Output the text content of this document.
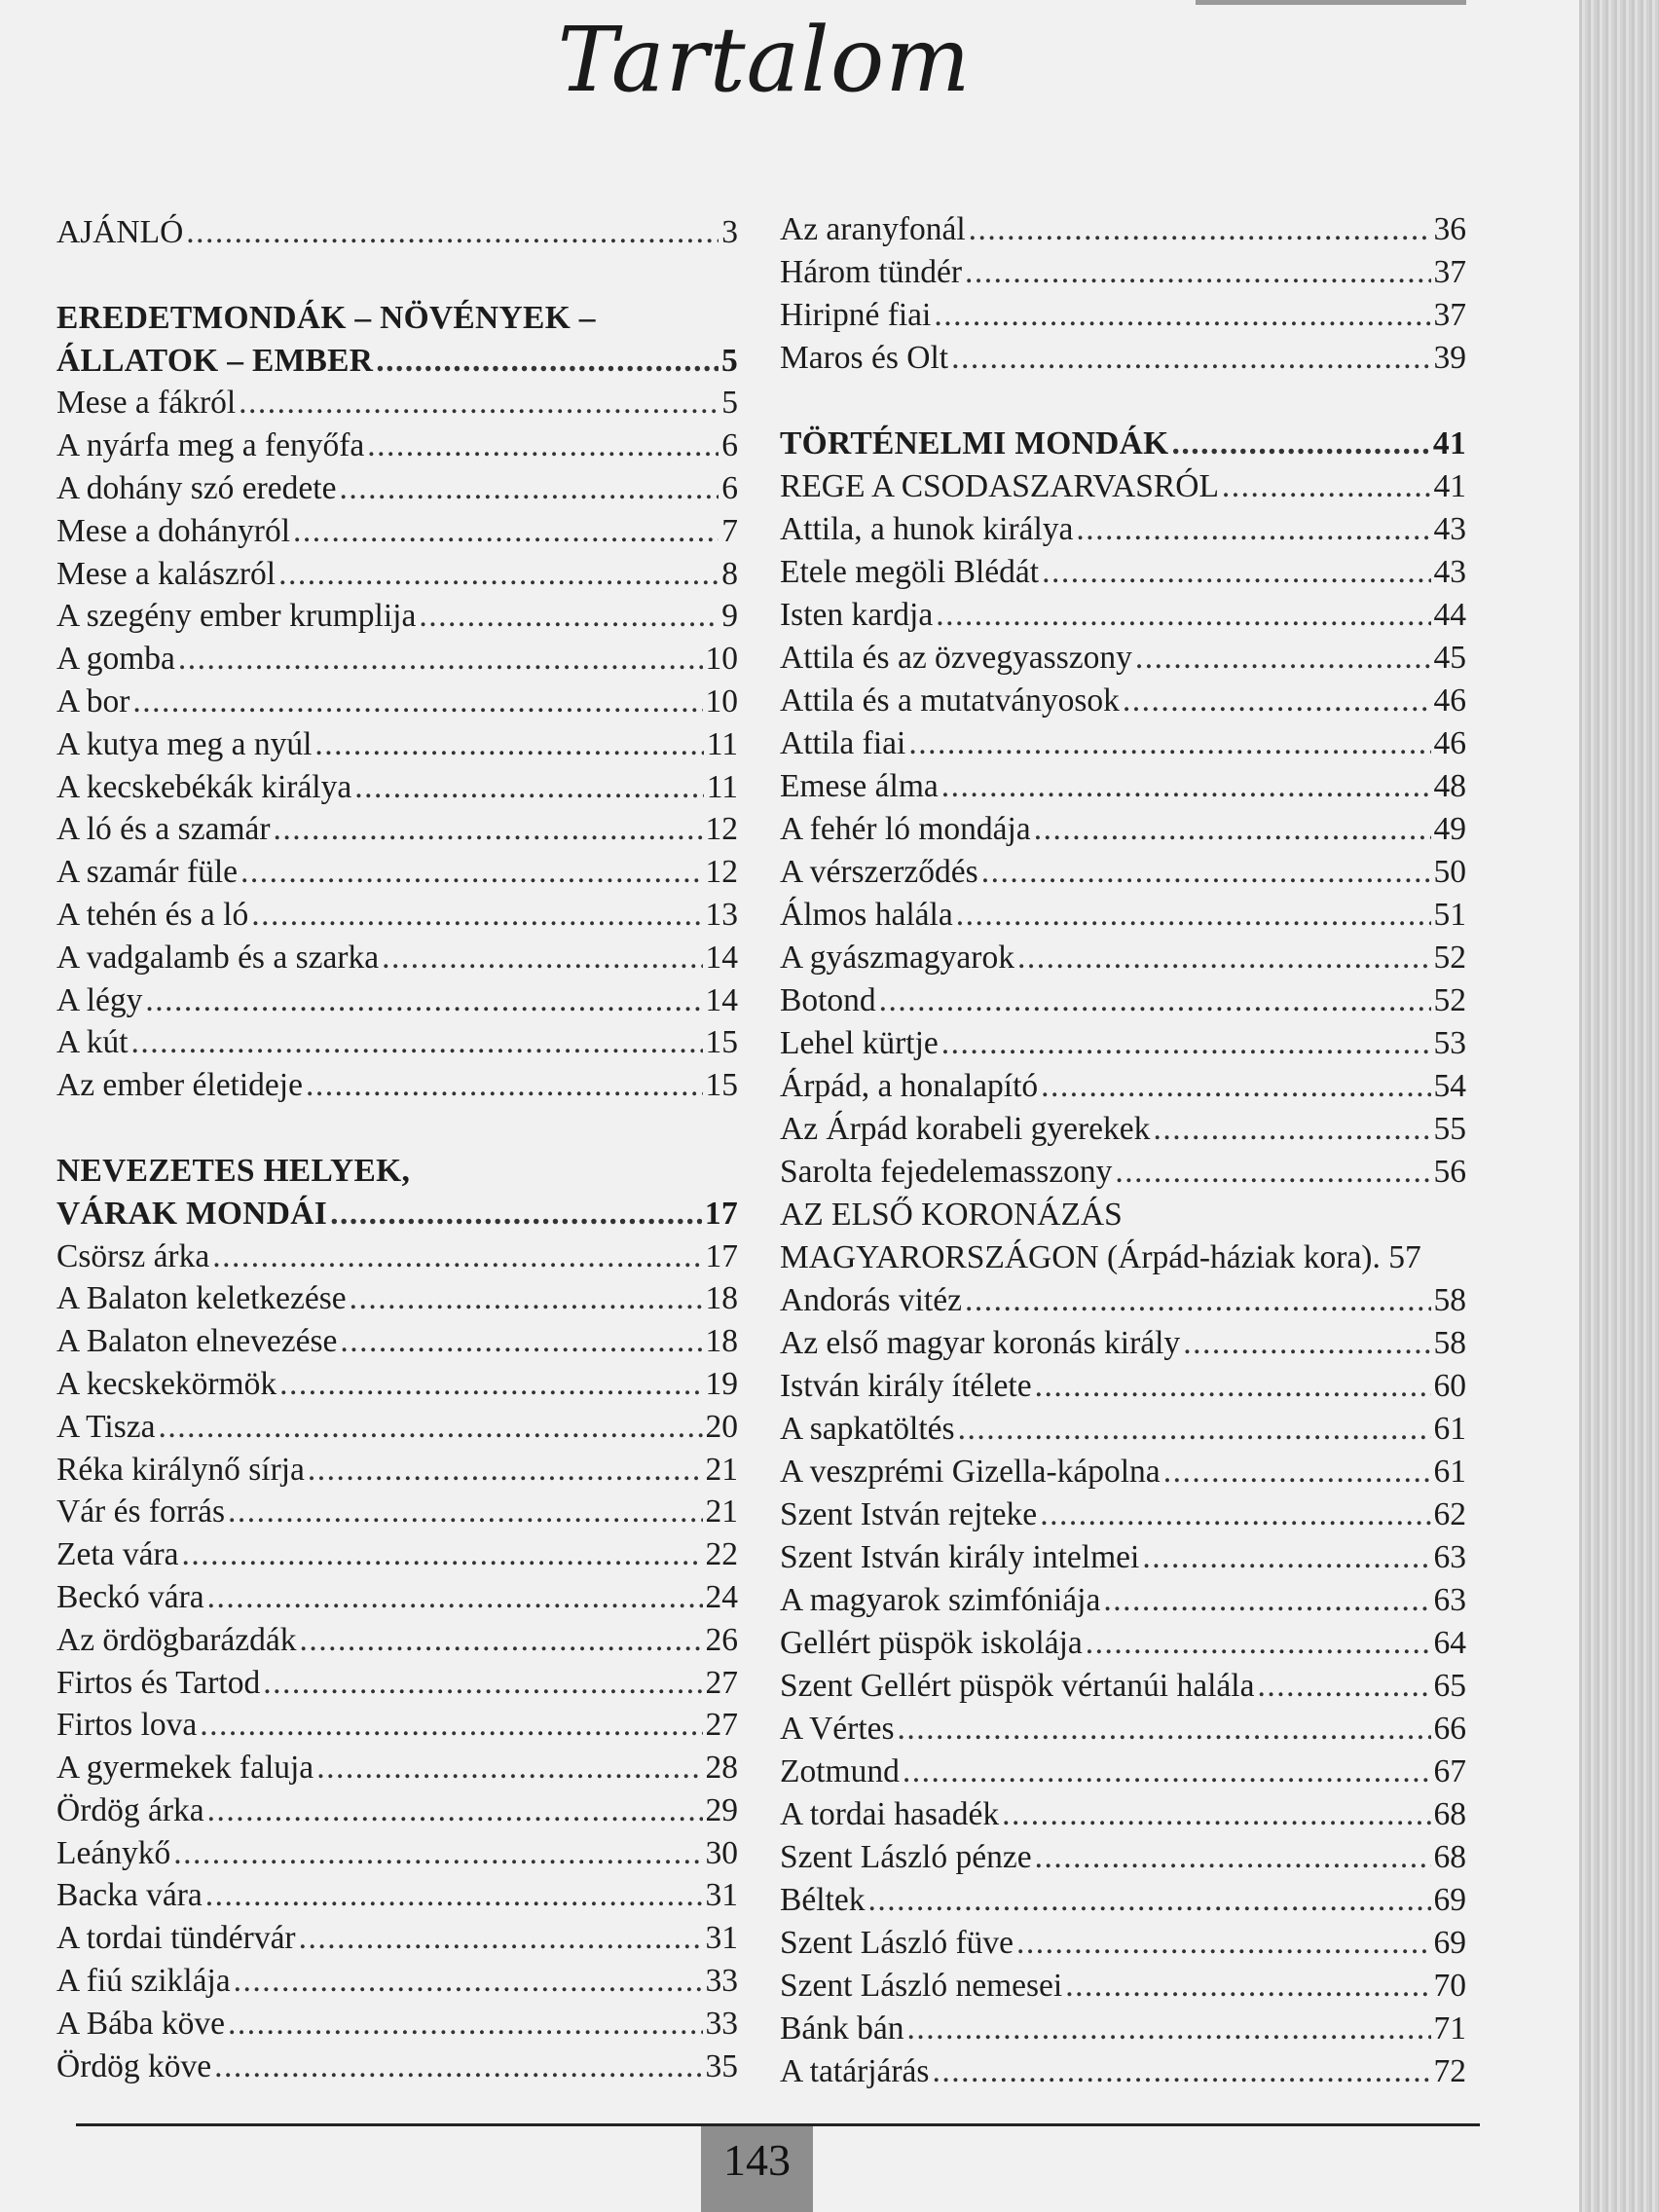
Tartalom
AJÁNLÓ .....	3
EREDETMONDÁK – NÖVÉNYEK –
ÁLLATOK – EMBER .....	5
Mese a fákról .....	5
A nyárfa meg a fenyőfa .....	6
A dohány szó eredete .....	6
Mese a dohányról .....	7
Mese a kalászról .....	8
A szegény ember krumplija .....	9
A gomba .....	10
A bor .....	10
A kutya meg a nyúl .....	11
A kecskebékák királya .....	11
A ló és a szamár .....	12
A szamár füle .....	12
A tehén és a ló .....	13
A vadgalamb és a szarka .....	14
A légy .....	14
A kút .....	15
Az ember életideje .....	15
NEVEZETES HELYEK,
VÁRAK MONDÁI .....	17
Csörsz árka .....	17
A Balaton keletkezése .....	18
A Balaton elnevezése .....	18
A kecskekörmök .....	19
A Tisza .....	20
Réka királynő sírja .....	21
Vár és forrás .....	21
Zeta vára .....	22
Beckó vára .....	24
Az ördögbarázdák .....	26
Firtos és Tartod .....	27
Firtos lova .....	27
A gyermekek faluja .....	28
Ördög árka .....	29
Leánykő .....	30
Backa vára .....	31
A tordai tündérvár .....	31
A fiú sziklája .....	33
A Bába köve .....	33
Ördög köve .....	35
Az aranyfonál .....	36
Három tündér .....	37
Hiripné fiai .....	37
Maros és Olt .....	39
TÖRTÉNELMI MONDÁK .....	41
REGE A CSODASZARVASRÓL .....	41
Attila, a hunok királya .....	43
Etele megöli Blédát .....	43
Isten kardja .....	44
Attila és az özvegyasszony .....	45
Attila és a mutatványosok .....	46
Attila fiai .....	46
Emese álma .....	48
A fehér ló mondája .....	49
A vérszerződés .....	50
Álmos halála .....	51
A gyászmagyarok .....	52
Botond .....	52
Lehel kürtje .....	53
Árpád, a honalapító .....	54
Az Árpád korabeli gyerekek .....	55
Sarolta fejedelemasszony .....	56
AZ ELSŐ KORONÁZÁS
MAGYARORSZÁGON (Árpád-háziak kora). 57
Andorás vitéz .....	58
Az első magyar koronás király .....	58
István király ítélete .....	60
A sapkatöltés .....	61
A veszprémi Gizella-kápolna .....	61
Szent István rejteke .....	62
Szent István király intelmei .....	63
A magyarok szimfóniája .....	63
Gellért püspök iskolája .....	64
Szent Gellért püspök vértanúi halála .....	65
A Vértes .....	66
Zotmund .....	67
A tordai hasadék .....	68
Szent László pénze .....	68
Béltek .....	69
Szent László füve .....	69
Szent László nemesei .....	70
Bánk bán .....	71
A tatárjárás .....	72
143
